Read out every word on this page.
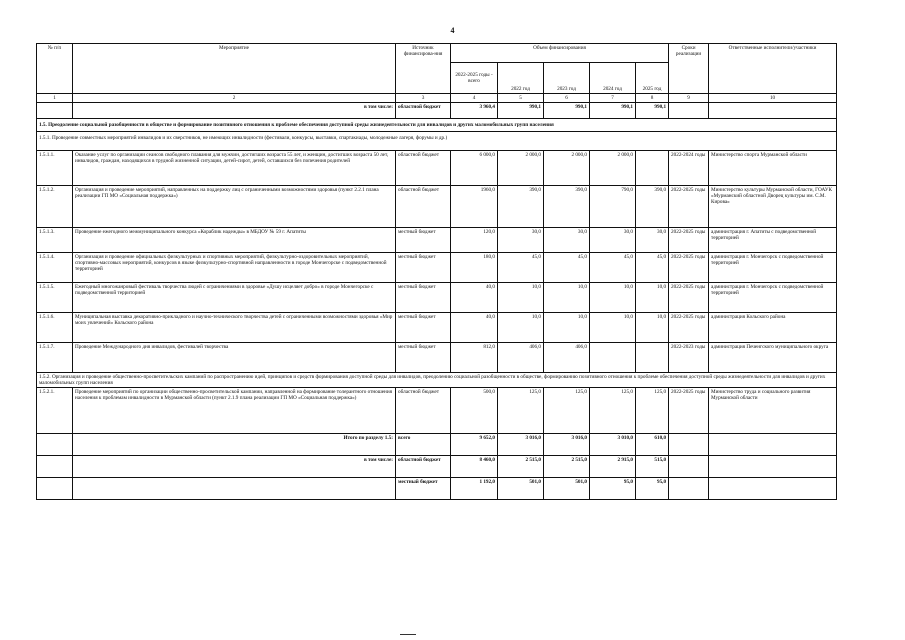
4
№ п/п	Мероприятие	Источник финансирова-ния	Объем финансирования					Сроки реализации	Ответственные исполнители/участники
			2022-2025 годы - всего	2022 год	2023 год	2024 год	2025 год		
1	2	3	4	5	6	7	8	9	10
	в том числе:	областной бюджет	3 960,4	990,1	990,1	990,1	990,1		
1.5. Преодоление социальной разобщенности в обществе и формирование позитивного отношения к проблеме обеспечения доступной среды жизнедеятельности для инвалидов и других маломобильных групп населения									
1.5.1. Проведение совместных мероприятий инвалидов и их сверстников, не имеющих инвалидности (фестивали, конкурсы, выставки, спартакиады, молодежные лагеря, форумы и др.)									
1.5.1.1.	Оказание услуг по организации сеансов свободного плавания для мужчин, достигших возраста 55 лет, и женщин, достигших возраста 50 лет, инвалидов, граждан, находящихся в трудной жизненной ситуации, детей-сирот, детей, оставшихся без попечения родителей	областной бюджет	6 000,0	2 000,0	2 000,0	2 000,0		2022-2024 годы	Министерство спорта Мурманской области
1.5.1.2.	Организация и проведение мероприятий, направленных на поддержку лиц с ограниченными возможностями здоровья (пункт 2.2.1 плана реализации ГП МО «Социальная поддержка»)	областной бюджет	1960,0	390,0	390,0	790,0	390,0	2022-2025 годы	Министерство культуры Мурманской области, ГОАУК «Мурманский областной Дворец культуры им. С.М. Кирова»
1.5.1.3.	Проведение ежегодного межмуниципального конкурса «Кораблик надежды» в МБДОУ № 59 г. Апатиты	местный бюджет	120,0	30,0	30,0	30,0	30,0	2022-2025 годы	администрация г. Апатиты с подведомственной территорией
1.5.1.4.	Организация и проведение официальных физкультурных и спортивных мероприятий, физкультурно-оздоровительных мероприятий, спортивно-массовых мероприятий, конкурсов в языке физкультурно-спортивной направленности в городе Мончегорске с подведомственной территорией	местный бюджет	180,0	45,0	45,0	45,0	45,0	2022-2025 годы	администрация г. Мончегорск с подведомственной территорией
1.5.1.5.	Ежегодный многожанровый фестиваль творчества людей с ограничениями в здоровье «Душу исцеляет добро» в городе Мончегорске с подведомственной территорией	местный бюджет	40,0	10,0	10,0	10,0	10,0	2022-2025 годы	администрация г. Мончегорск с подведомственной территорией
1.5.1.6.	Муниципальная выставка декоративно-прикладного и научно-технического творчества детей с ограниченными возможностями здоровья «Мир моих увлечений» Кольского района	местный бюджет	40,0	10,0	10,0	10,0	10,0	2022-2025 годы	администрация Кольского района
1.5.1.7.	Проведение Международного дня инвалидов, фестивалей творчества	местный бюджет	812,0	406,0	406,0			2022-2023 годы	администрация Печенгского муниципального округа
1.5.2. Организация и проведение общественно-просветительских кампаний по распространению идей, принципов и средств формирования доступной среды для инвалидов, преодолению социальной разобщенности в обществе, формированию позитивного отношения к проблеме обеспечения доступной среды жизнедеятельности для инвалидов и других маломобильных групп населения									
1.5.2.1.	Проведение мероприятий по организации общественно-просветительской кампании, направленной на формирование толерантного отношения населения к проблемам инвалидности в Мурманской области (пункт 2.1.9 плана реализации ГП МО «Социальная поддержка»)	областной бюджет	500,0	125,0	125,0	125,0	125,0	2022-2025 годы	Министерство труда и социального развития Мурманской области
	Итого по разделу 1.5:	всего	9 652,0	3 016,0	3 016,0	3 010,0	610,0		
	в том числе:	областной бюджет	8 460,0	2 515,0	2 515,0	2 915,0	515,0		
		местный бюджет	1 192,0	501,0	501,0	95,0	95,0		
